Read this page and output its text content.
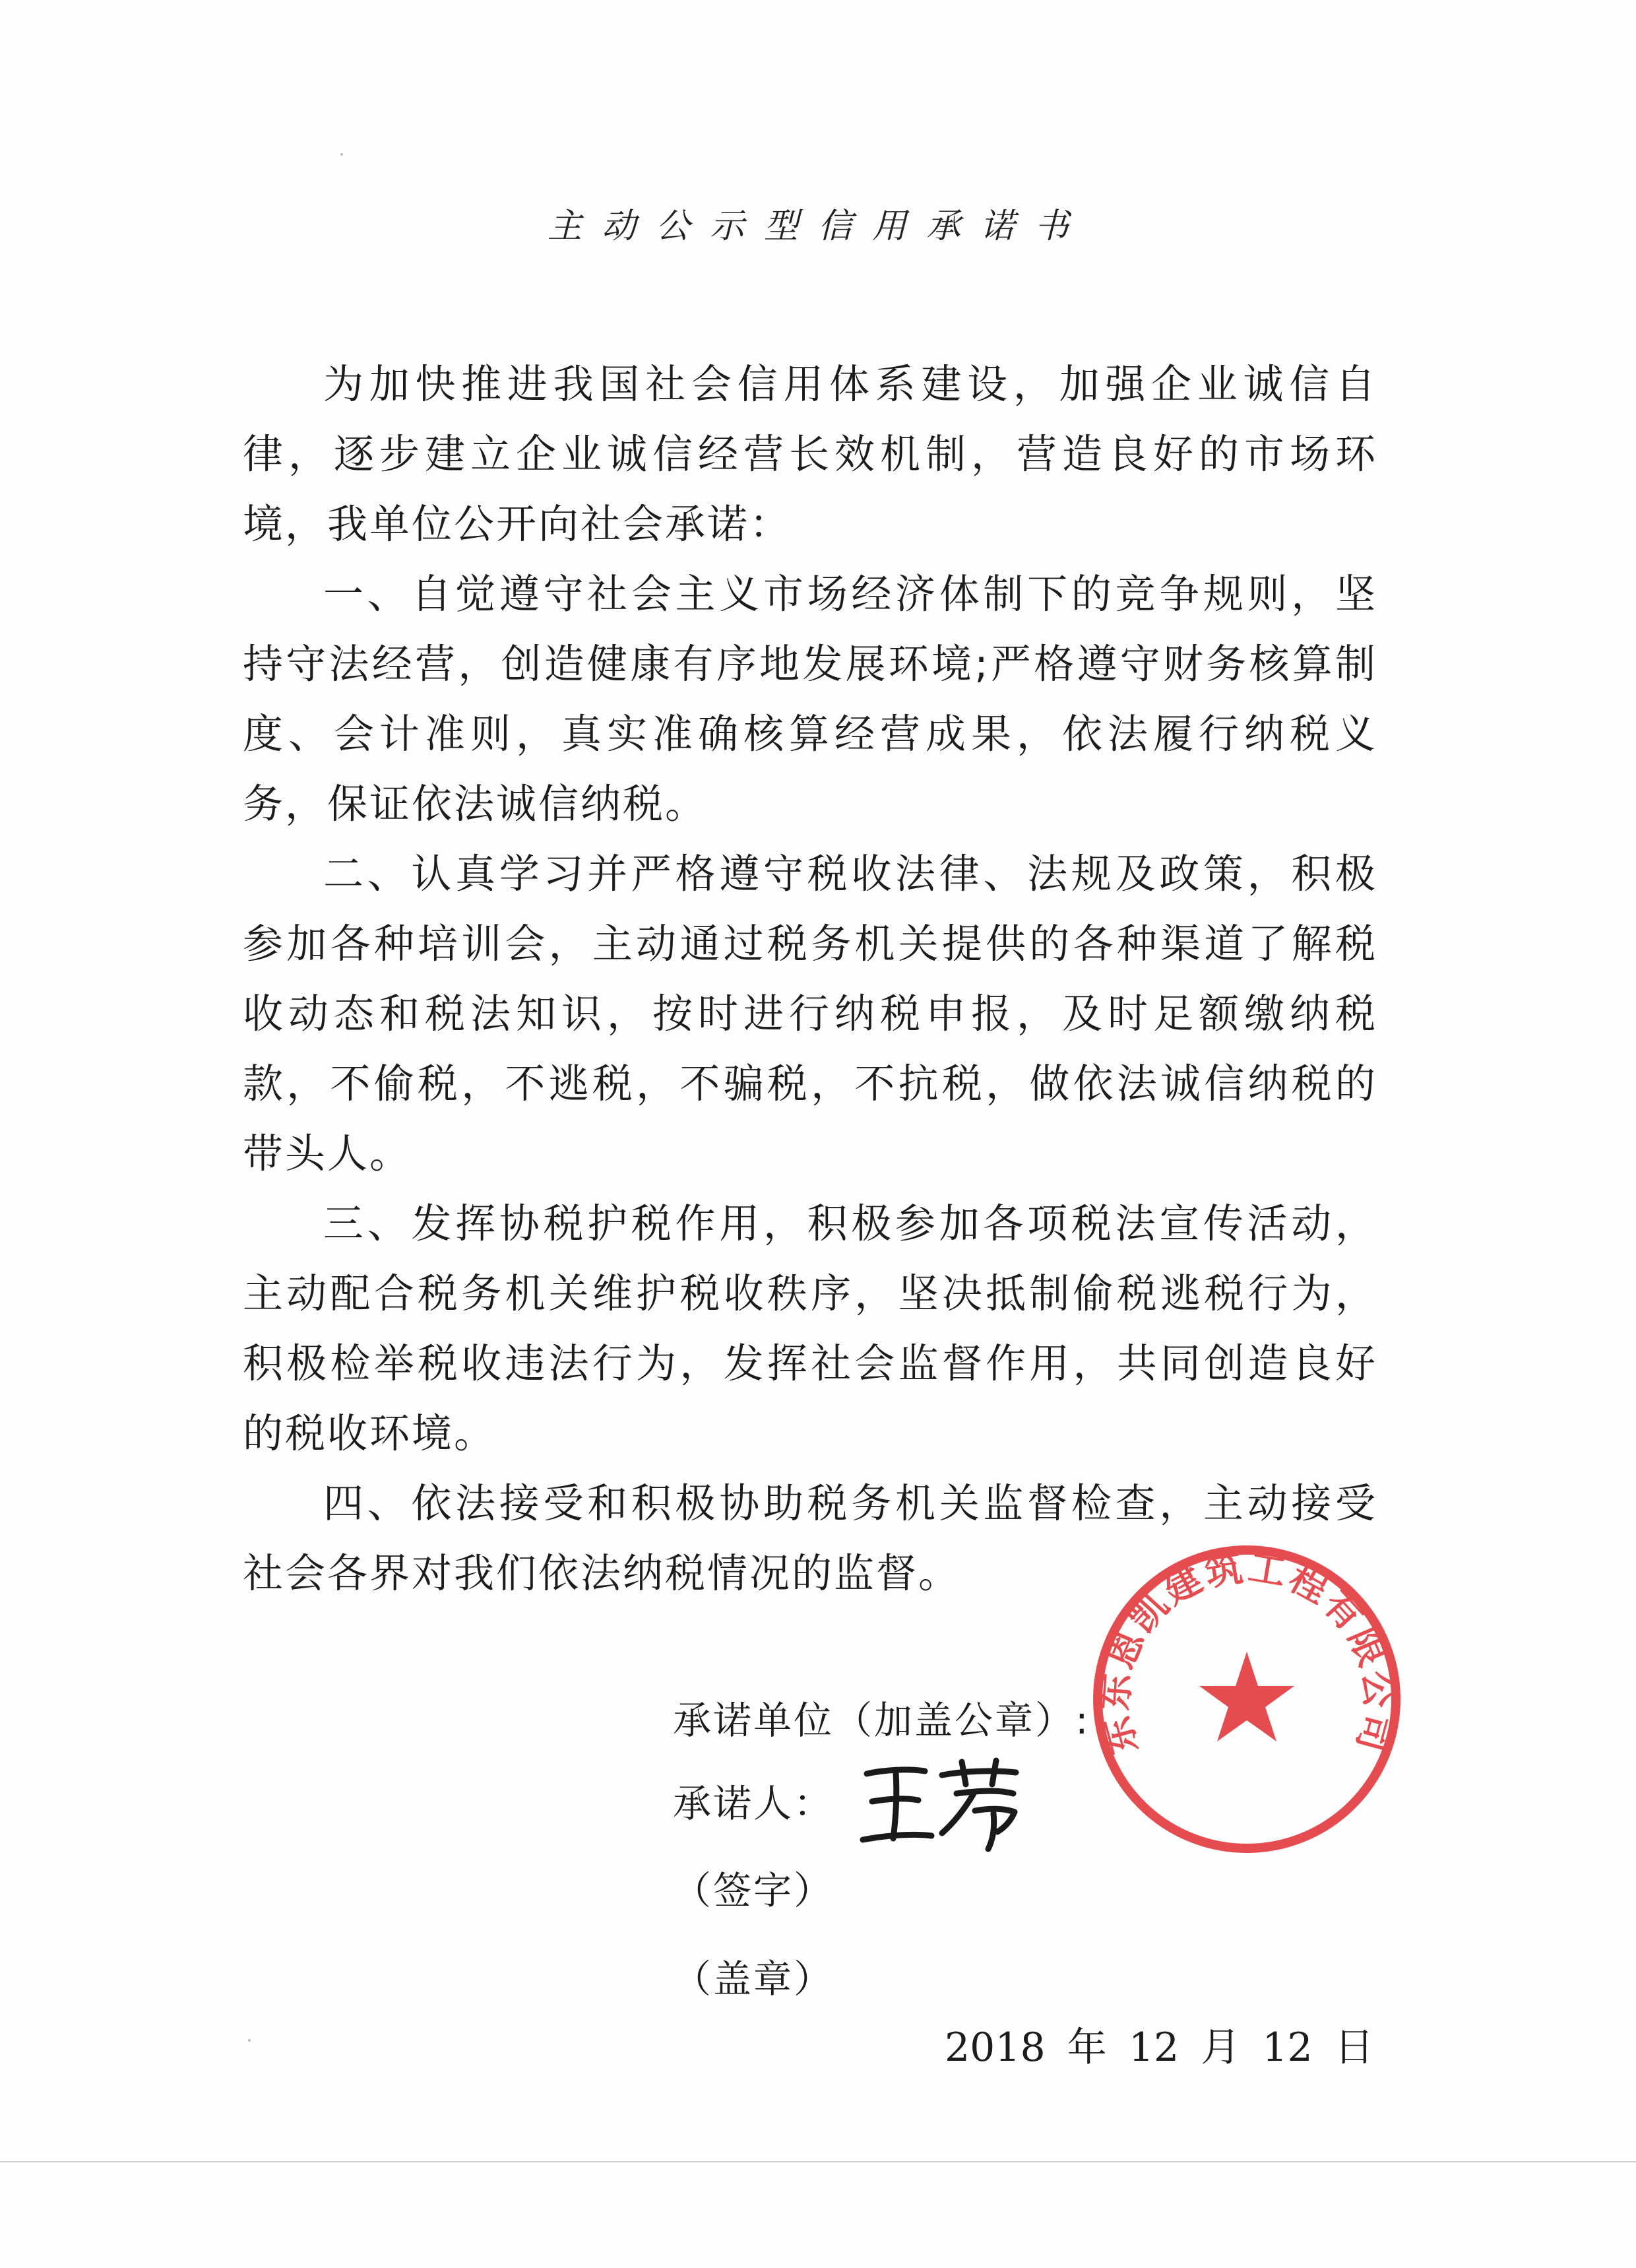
主动公示型信用承诺书

为加快推进我国社会信用体系建设，加强企业诚信自律，逐步建立企业诚信经营长效机制，营造良好的市场环境，我单位公开向社会承诺：

一、自觉遵守社会主义市场经济体制下的竞争规则，坚持守法经营，创造健康有序地发展环境;严格遵守财务核算制度、会计准则，真实准确核算经营成果，依法履行纳税义务，保证依法诚信纳税。

二、认真学习并严格遵守税收法律、法规及政策，积极参加各种培训会，主动通过税务机关提供的各种渠道了解税收动态和税法知识，按时进行纳税申报，及时足额缴纳税款，不偷税，不逃税，不骗税，不抗税，做依法诚信纳税的带头人。

三、发挥协税护税作用，积极参加各项税法宣传活动，主动配合税务机关维护税收秩序，坚决抵制偷税逃税行为，积极检举税收违法行为，发挥社会监督作用，共同创造良好的税收环境。

四、依法接受和积极协助税务机关监督检查，主动接受社会各界对我们依法纳税情况的监督。

承诺单位（加盖公章）:
承诺人：
（签字）
（盖章）
2018 年 12 月 12 日
东东恩凯建筑工程有限公司
